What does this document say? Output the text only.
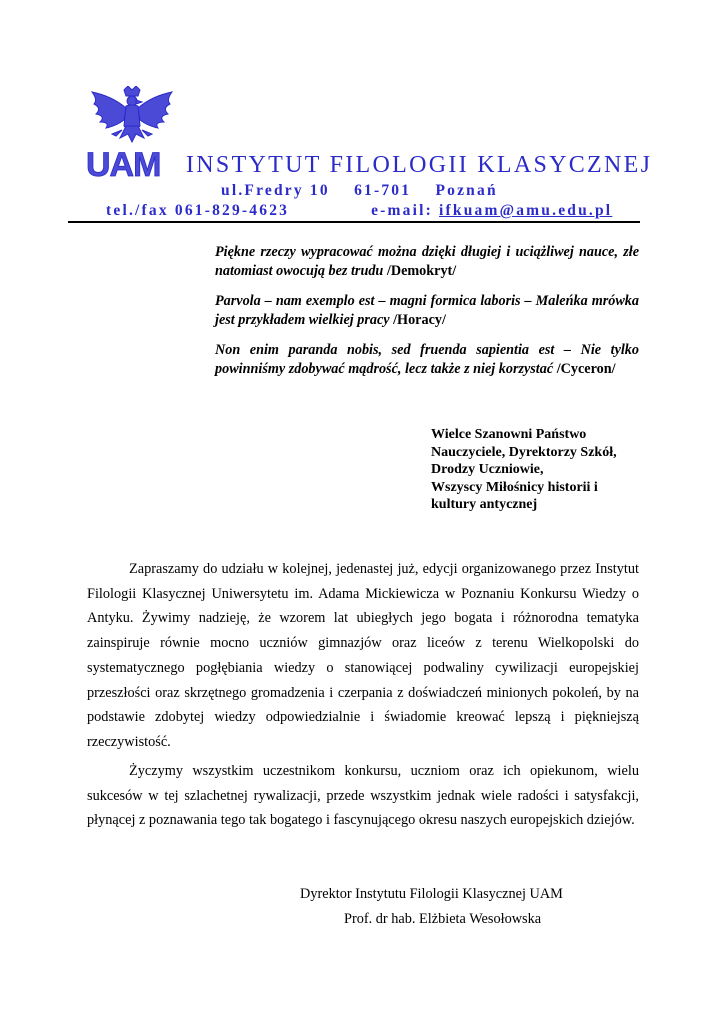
UAM INSTYTUT FILOLOGII KLASYCZNEJ
ul.Fredry 10    61-701    Poznań
tel./fax 061-829-4623	e-mail: ifkuam@amu.edu.pl
Piękne rzeczy wypracować można dzięki długiej i uciążliwej nauce, złe natomiast owocują bez trudu /Demokryt/
Parvola – nam exemplo est – magni formica laboris – Maleńka mrówka jest przykładem wielkiej pracy /Horacy/
Non enim paranda nobis, sed fruenda sapientia est – Nie tylko powinniśmy zdobywać mądrość, lecz także z niej korzystać /Cyceron/
Wielce Szanowni Państwo
Nauczyciele, Dyrektorzy Szkół,
Drodzy Uczniowie,
Wszyscy Miłośnicy historii i
kultury antycznej
Zapraszamy do udziału w kolejnej, jedenastej już, edycji organizowanego przez Instytut Filologii Klasycznej Uniwersytetu im. Adama Mickiewicza w Poznaniu Konkursu Wiedzy o Antyku. Żywimy nadzieję, że wzorem lat ubiegłych jego bogata i różnorodna tematyka zainspiruje równie mocno uczniów gimnazjów oraz liceów z terenu Wielkopolski do systematycznego pogłębiania wiedzy o stanowiącej podwaliny cywilizacji europejskiej przeszłości oraz skrzętnego gromadzenia i czerpania z doświadczeń minionych pokoleń, by na podstawie zdobytej wiedzy odpowiedzialnie i świadomie kreować lepszą i piękniejszą rzeczywistość.
Życzymy wszystkim uczestnikom konkursu, uczniom oraz ich opiekunom, wielu sukcesów w tej szlachetnej rywalizacji, przede wszystkim jednak wiele radości i satysfakcji, płynącej z poznawania tego tak bogatego i fascynującego okresu naszych europejskich dziejów.
Dyrektor Instytutu Filologii Klasycznej UAM
Prof. dr hab. Elżbieta Wesołowska
